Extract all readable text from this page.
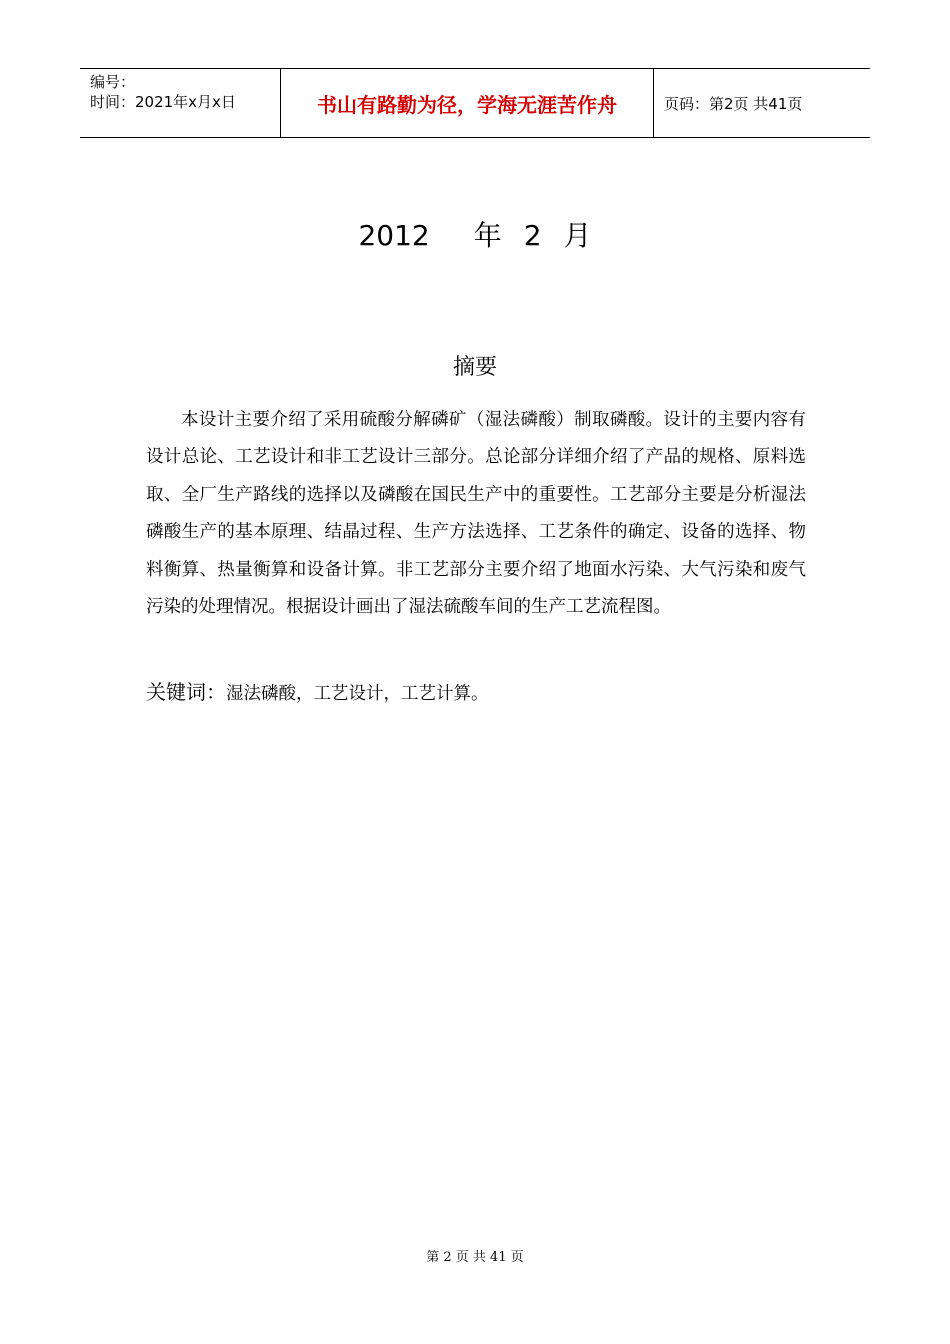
编号：
时间：2021年x月x日	书山有路勤为径，学海无涯苦作舟	页码：第2页 共41页
2012 年 2 月
摘要

本设计主要介绍了采用硫酸分解磷矿（湿法磷酸）制取磷酸。设计的主要内容有设计总论、工艺设计和非工艺设计三部分。总论部分详细介绍了产品的规格、原料选取、全厂生产路线的选择以及磷酸在国民生产中的重要性。工艺部分主要是分析湿法磷酸生产的基本原理、结晶过程、生产方法选择、工艺条件的确定、设备的选择、物料衡算、热量衡算和设备计算。非工艺部分主要介绍了地面水污染、大气污染和废气污染的处理情况。根据设计画出了湿法硫酸车间的生产工艺流程图。

关键词：湿法磷酸，工艺设计，工艺计算。
第 2 页 共 41 页
